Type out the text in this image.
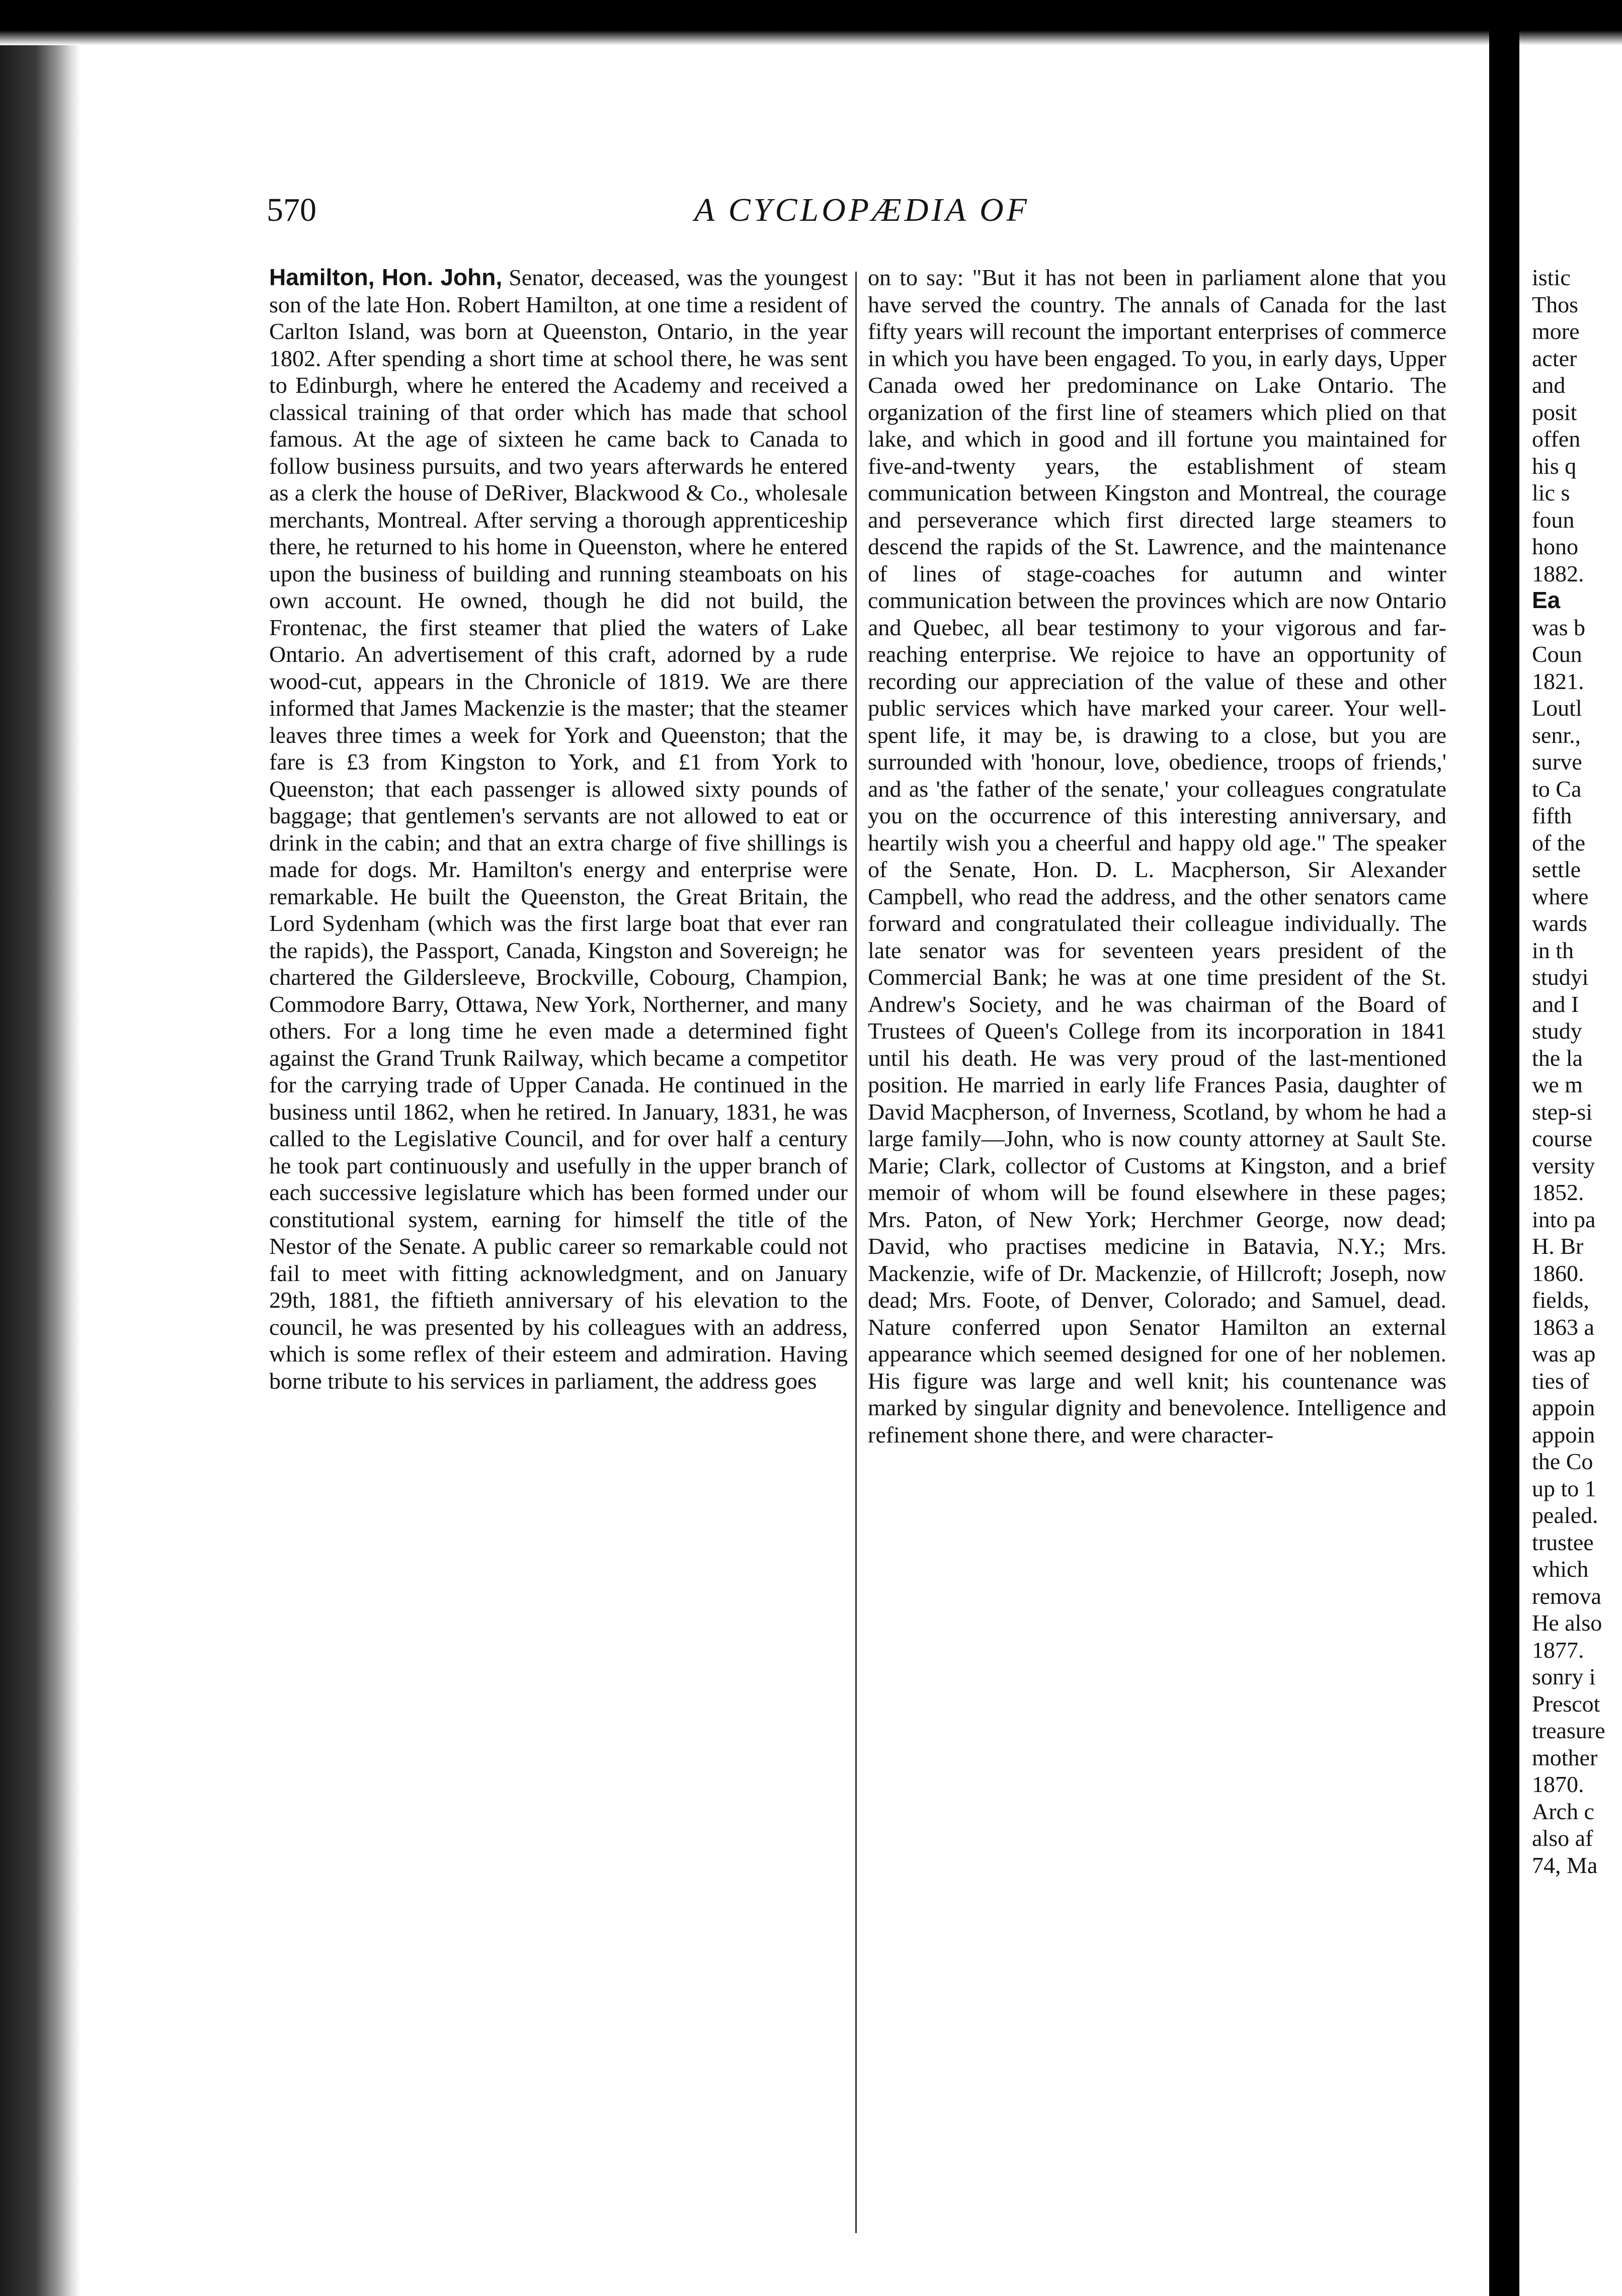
570	A CYCLOPÆDIA OF
Hamilton, Hon. John, Senator, deceased, was the youngest son of the late Hon. Robert Hamilton, at one time a resident of Carlton Island, was born at Queenston, Ontario, in the year 1802. After spending a short time at school there, he was sent to Edinburgh, where he entered the Academy and received a classical training of that order which has made that school famous. At the age of sixteen he came back to Canada to follow business pursuits, and two years afterwards he entered as a clerk the house of DeRiver, Blackwood & Co., wholesale merchants, Montreal. After serving a thorough apprenticeship there, he returned to his home in Queenston, where he entered upon the business of building and running steamboats on his own account. He owned, though he did not build, the Frontenac, the first steamer that plied the waters of Lake Ontario. An advertisement of this craft, adorned by a rude wood-cut, appears in the Chronicle of 1819. We are there informed that James Mackenzie is the master; that the steamer leaves three times a week for York and Queenston; that the fare is £3 from Kingston to York, and £1 from York to Queenston; that each passenger is allowed sixty pounds of baggage; that gentlemen's servants are not allowed to eat or drink in the cabin; and that an extra charge of five shillings is made for dogs. Mr. Hamilton's energy and enterprise were remarkable. He built the Queenston, the Great Britain, the Lord Sydenham (which was the first large boat that ever ran the rapids), the Passport, Canada, Kingston and Sovereign; he chartered the Gildersleeve, Brockville, Cobourg, Champion, Commodore Barry, Ottawa, New York, Northerner, and many others. For a long time he even made a determined fight against the Grand Trunk Railway, which became a competitor for the carrying trade of Upper Canada. He continued in the business until 1862, when he retired. In January, 1831, he was called to the Legislative Council, and for over half a century he took part continuously and usefully in the upper branch of each successive legislature which has been formed under our constitutional system, earning for himself the title of the Nestor of the Senate. A public career so remarkable could not fail to meet with fitting acknowledgment, and on January 29th, 1881, the fiftieth anniversary of his elevation to the council, he was presented by his colleagues with an address, which is some reflex of their esteem and admiration. Having borne tribute to his services in parliament, the address goes
on to say: "But it has not been in parliament alone that you have served the country. The annals of Canada for the last fifty years will recount the important enterprises of commerce in which you have been engaged. To you, in early days, Upper Canada owed her predominance on Lake Ontario. The organization of the first line of steamers which plied on that lake, and which in good and ill fortune you maintained for five-and-twenty years, the establishment of steam communication between Kingston and Montreal, the courage and perseverance which first directed large steamers to descend the rapids of the St. Lawrence, and the maintenance of lines of stage-coaches for autumn and winter communication between the provinces which are now Ontario and Quebec, all bear testimony to your vigorous and far-reaching enterprise. We rejoice to have an opportunity of recording our appreciation of the value of these and other public services which have marked your career. Your well-spent life, it may be, is drawing to a close, but you are surrounded with 'honour, love, obedience, troops of friends,' and as 'the father of the senate,' your colleagues congratulate you on the occurrence of this interesting anniversary, and heartily wish you a cheerful and happy old age." The speaker of the Senate, Hon. D. L. Macpherson, Sir Alexander Campbell, who read the address, and the other senators came forward and congratulated their colleague individually. The late senator was for seventeen years president of the Commercial Bank; he was at one time president of the St. Andrew's Society, and he was chairman of the Board of Trustees of Queen's College from its incorporation in 1841 until his death. He was very proud of the last-mentioned position. He married in early life Frances Pasia, daughter of David Macpherson, of Inverness, Scotland, by whom he had a large family—John, who is now county attorney at Sault Ste. Marie; Clark, collector of Customs at Kingston, and a brief memoir of whom will be found elsewhere in these pages; Mrs. Paton, of New York; Herchmer George, now dead; David, who practises medicine in Batavia, N.Y.; Mrs. Mackenzie, wife of Dr. Mackenzie, of Hillcroft; Joseph, now dead; Mrs. Foote, of Denver, Colorado; and Samuel, dead. Nature conferred upon Senator Hamilton an external appearance which seemed designed for one of her noblemen. His figure was large and well knit; his countenance was marked by singular dignity and benevolence. Intelligence and refinement shone there, and were character-
istic
Thos
more
acter
and
posit
offen
his q
lic s
foun
hono
1882.
Ea
was b
Coun
1821.
Loutl
senr.,
surve
to Ca
fifth
of the
settle
where
wards
in th
studyi
and I
study
the la
we m
step-si
course
versity
1852.
into pa
H. Br
1860.
fields,
1863 a
was ap
ties of
appoin
appoin
the Co
up to 1
pealed.
trustee
which
remova
He also
1877.
sonry i
Prescot
treasure
mother
1870.
Arch c
also af
74, Ma
